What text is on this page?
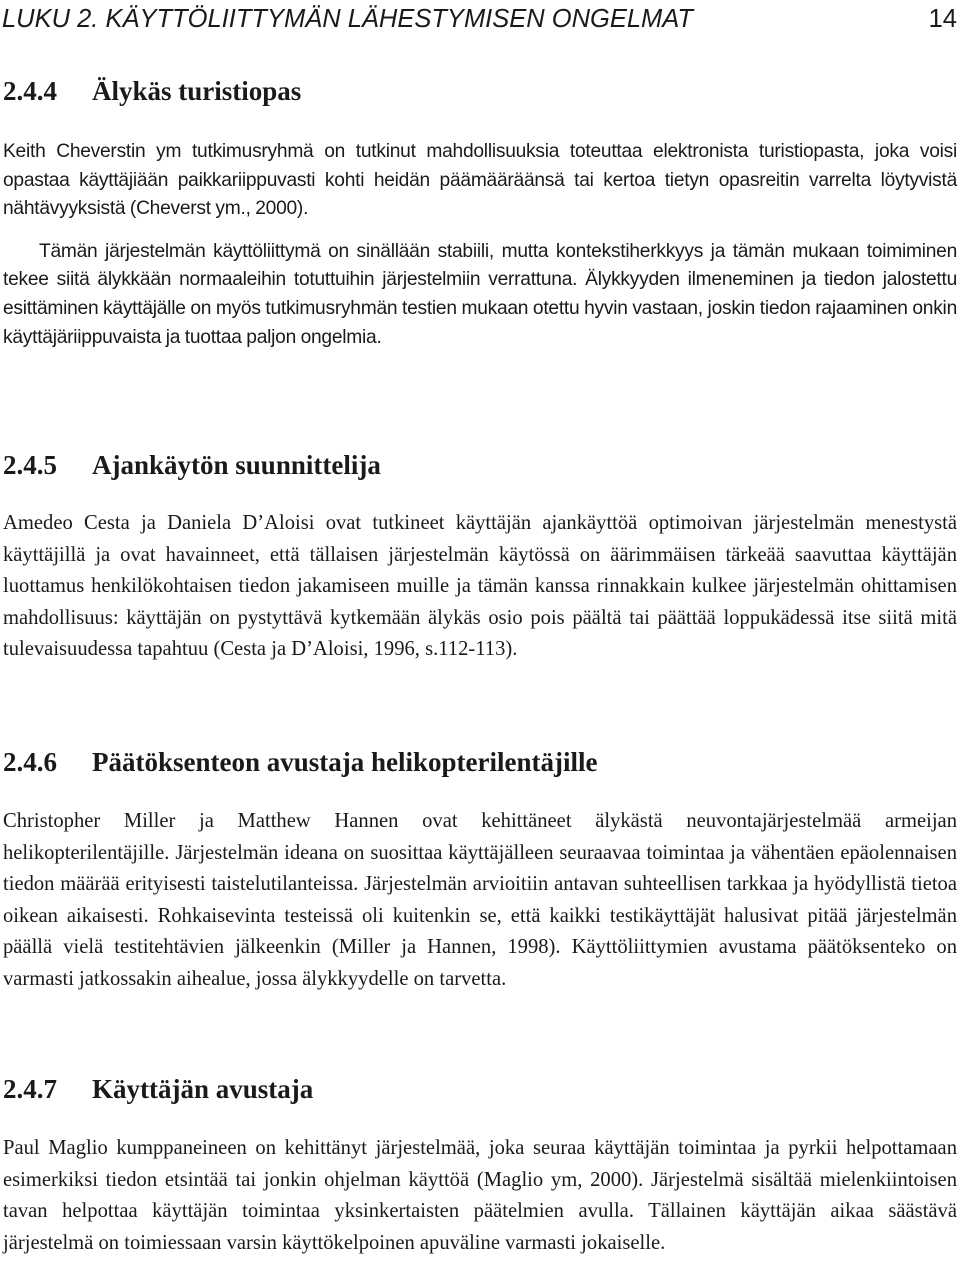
LUKU 2. KÄYTTÖLIITTYMÄN LÄHESTYMISEN ONGELMAT	14
2.4.4 Älykäs turistiopas

Keith Cheverstin ym tutkimusryhmä on tutkinut mahdollisuuksia toteuttaa elektronista turistiopasta, joka voisi opastaa käyttäjiään paikkariippuvasti kohti heidän päämääräänsä tai kertoa tietyn opasreitin varrelta löytyvistä nähtävyyksistä (Cheverst ym., 2000).

Tämän järjestelmän käyttöliittymä on sinällään stabiili, mutta kontekstiherkkyys ja tämän mukaan toimiminen tekee siitä älykkään normaaleihin totuttuihin järjestelmiin verrattuna. Älykkyyden ilmeneminen ja tiedon jalostettu esittäminen käyttäjälle on myös tutkimusryhmän testien mukaan otettu hyvin vastaan, joskin tiedon rajaaminen onkin käyttäjäriippuvaista ja tuottaa paljon ongelmia.

2.4.5 Ajankäytön suunnittelija

Amedeo Cesta ja Daniela D’Aloisi ovat tutkineet käyttäjän ajankäyttöä optimoivan järjestelmän menestystä käyttäjillä ja ovat havainneet, että tällaisen järjestelmän käytössä on äärimmäisen tärkeää saavuttaa käyttäjän luottamus henkilökohtaisen tiedon jakamiseen muille ja tämän kanssa rinnakkain kulkee järjestelmän ohittamisen mahdollisuus: käyttäjän on pystyttävä kytkemään älykäs osio pois päältä tai päättää loppukädessä itse siitä mitä tulevaisuudessa tapahtuu (Cesta ja D’Aloisi, 1996, s.112-113).

2.4.6 Päätöksenteon avustaja helikopterilentäjille

Christopher Miller ja Matthew Hannen ovat kehittäneet älykästä neuvontajärjestelmää armeijan helikopterilentäjille. Järjestelmän ideana on suosittaa käyttäjälleen seuraavaa toimintaa ja vähentäen epäolennaisen tiedon määrää erityisesti taistelutilanteissa. Järjestelmän arvioitiin antavan suhteellisen tarkkaa ja hyödyllistä tietoa oikean aikaisesti. Rohkaisevinta testeissä oli kuitenkin se, että kaikki testikäyttäjät halusivat pitää järjestelmän päällä vielä testitehtävien jälkeenkin (Miller ja Hannen, 1998). Käyttöliittymien avustama päätöksenteko on varmasti jatkossakin aihealue, jossa älykkyydelle on tarvetta.

2.4.7 Käyttäjän avustaja

Paul Maglio kumppaneineen on kehittänyt järjestelmää, joka seuraa käyttäjän toimintaa ja pyrkii helpottamaan esimerkiksi tiedon etsintää tai jonkin ohjelman käyttöä (Maglio ym, 2000). Järjestelmä sisältää mielenkiintoisen tavan helpottaa käyttäjän toimintaa yksinkertaisten päätelmien avulla. Tällainen käyttäjän aikaa säästävä järjestelmä on toimiessaan varsin käyttökelpoinen apuväline varmasti jokaiselle.
